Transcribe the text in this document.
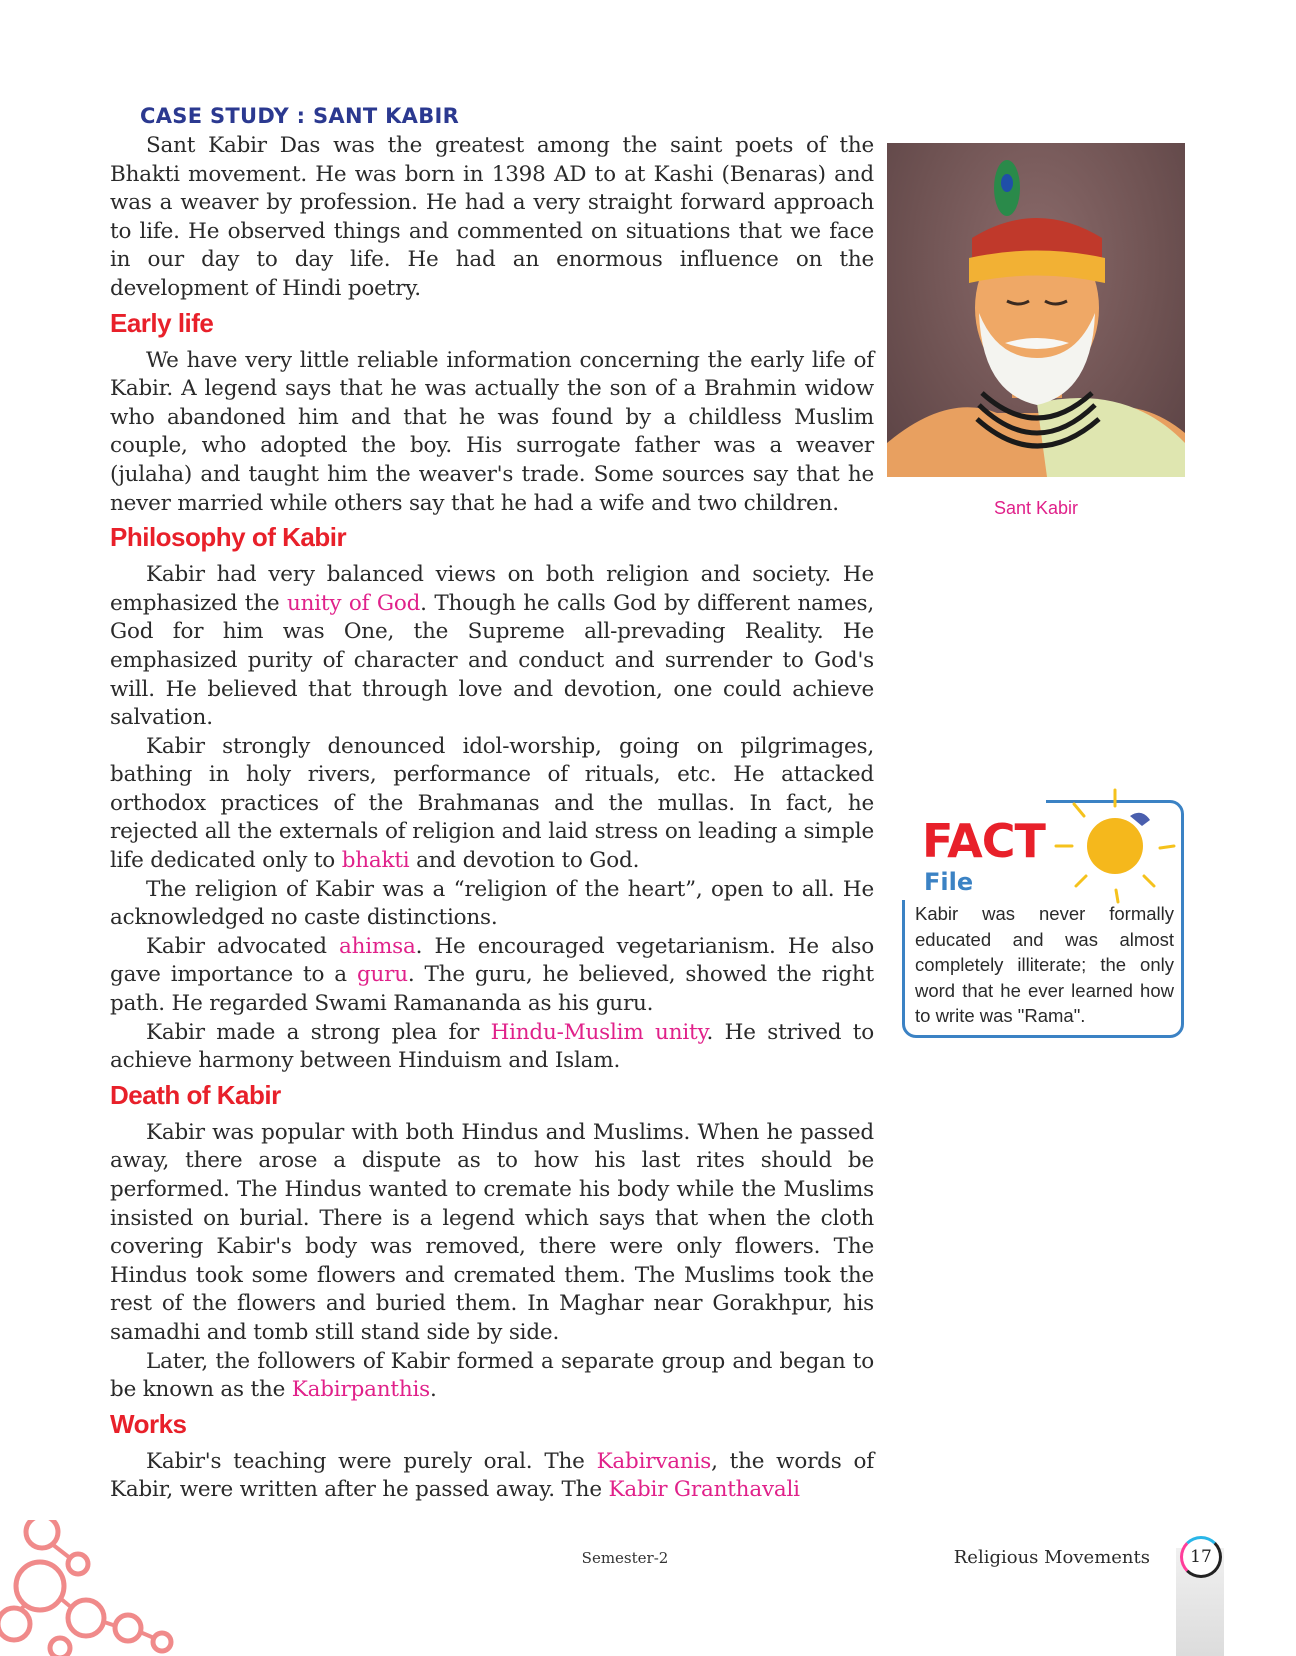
CASE STUDY : SANT KABIR

Sant Kabir Das was the greatest among the saint poets of the Bhakti movement. He was born in 1398 AD to at Kashi (Benaras) and was a weaver by profession. He had a very straight forward approach to life. He observed things and commented on situations that we face in our day to day life. He had an enormous influence on the development of Hindi poetry.

Early life

We have very little reliable information concerning the early life of Kabir. A legend says that he was actually the son of a Brahmin widow who abandoned him and that he was found by a childless Muslim couple, who adopted the boy. His surrogate father was a weaver (julaha) and taught him the weaver's trade. Some sources say that he never married while others say that he had a wife and two children.

Philosophy of Kabir

Kabir had very balanced views on both religion and society. He emphasized the unity of God. Though he calls God by different names, God for him was One, the Supreme all-prevading Reality. He emphasized purity of character and conduct and surrender to God's will. He believed that through love and devotion, one could achieve salvation.

Kabir strongly denounced idol-worship, going on pilgrimages, bathing in holy rivers, performance of rituals, etc. He attacked orthodox practices of the Brahmanas and the mullas. In fact, he rejected all the externals of religion and laid stress on leading a simple life dedicated only to bhakti and devotion to God.

The religion of Kabir was a “religion of the heart”, open to all. He acknowledged no caste distinctions.

Kabir advocated ahimsa. He encouraged vegetarianism. He also gave importance to a guru. The guru, he believed, showed the right path. He regarded Swami Ramananda as his guru.

Kabir made a strong plea for Hindu-Muslim unity. He strived to achieve harmony between Hinduism and Islam.

Death of Kabir

Kabir was popular with both Hindus and Muslims. When he passed away, there arose a dispute as to how his last rites should be performed. The Hindus wanted to cremate his body while the Muslims insisted on burial. There is a legend which says that when the cloth covering Kabir's body was removed, there were only flowers. The Hindus took some flowers and cremated them. The Muslims took the rest of the flowers and buried them. In Maghar near Gorakhpur, his samadhi and tomb still stand side by side.

Later, the followers of Kabir formed a separate group and began to be known as the Kabirpanthis.

Works

Kabir's teaching were purely oral. The Kabirvanis, the words of Kabir, were written after he passed away. The Kabir Granthavali

Sant Kabir
FACT
File

Kabir was never formally educated and was almost completely illiterate; the only word that he ever learned how to write was "Rama".

Semester-2	Religious Movements	17
